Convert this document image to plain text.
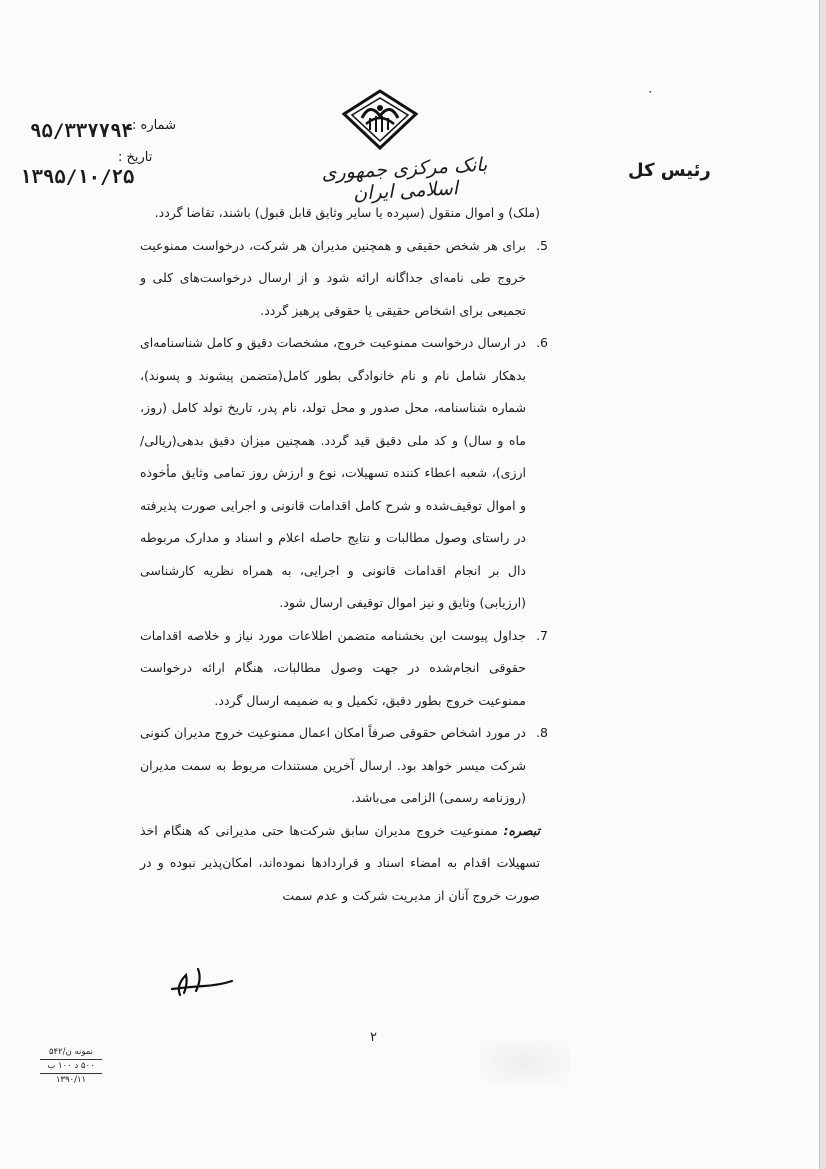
٠
شماره :
۹۵/۳۳۷۷۹۴
تاریخ :
۱۳۹۵/۱۰/۲۵	بانک مرکزی جمهوری اسلامی ایران
رئیس کل

(ملک) و اموال منقول (سپرده یا سایر وثایق قابل قبول) باشند، تقاضا گردد.

5.
برای هر شخص حقیقی و همچنین مدیران هر شرکت، درخواست ممنوعیت خروج طی نامه‌ای جداگانه ارائه شود و از ارسال درخواست‌های کلی و تجمیعی برای اشخاص حقیقی یا حقوقی پرهیز گردد.

6.
در ارسال درخواست ممنوعیت خروج، مشخصات دقیق و کامل شناسنامه‌ای بدهکار شامل نام و نام خانوادگی بطور کامل(متضمن پیشوند و پسوند)، شماره شناسنامه، محل صدور و محل تولد، نام پدر، تاریخ تولد کامل (روز، ماه و سال) و کد ملی دقیق قید گردد. همچنین میزان دقیق بدهی(ریالی/ارزی)، شعبه اعطاء کننده تسهیلات، نوع و ارزش روز تمامی وثایق مأخوذه و اموال توقیف‌شده و شرح کامل اقدامات قانونی و اجرایی صورت پذیرفته در راستای وصول مطالبات و نتایج حاصله اعلام و اسناد و مدارک مربوطه دال بر انجام اقدامات قانونی و اجرایی، به همراه نظریه کارشناسی (ارزیابی) وثایق و نیز اموال توقیفی ارسال شود.

7.
جداول پیوست این بخشنامه متضمن اطلاعات مورد نیاز و خلاصه اقدامات حقوقی انجام‌شده در جهت وصول مطالبات، هنگام ارائه درخواست ممنوعیت خروج بطور دقیق، تکمیل و به ضمیمه ارسال گردد.

8.
در مورد اشخاص حقوقی صرفاً امکان اعمال ممنوعیت خروج مدیران کنونی شرکت میسر خواهد بود. ارسال آخرین مستندات مربوط به سمت مدیران (روزنامه رسمی) الزامی می‌باشد.

تبصره: ممنوعیت خروج مدیران سابق شرکت‌ها حتی مدیرانی که هنگام اخذ تسهیلات اقدام به امضاء اسناد و قراردادها نموده‌اند، امکان‌پذیر نبوده و در صورت خروج آنان از مدیریت شرکت و عدم سمت

۲
نمونه ن/۵۴۲
۵۰۰ د ۱۰۰ ب
۱۳۹۰/۱۱
